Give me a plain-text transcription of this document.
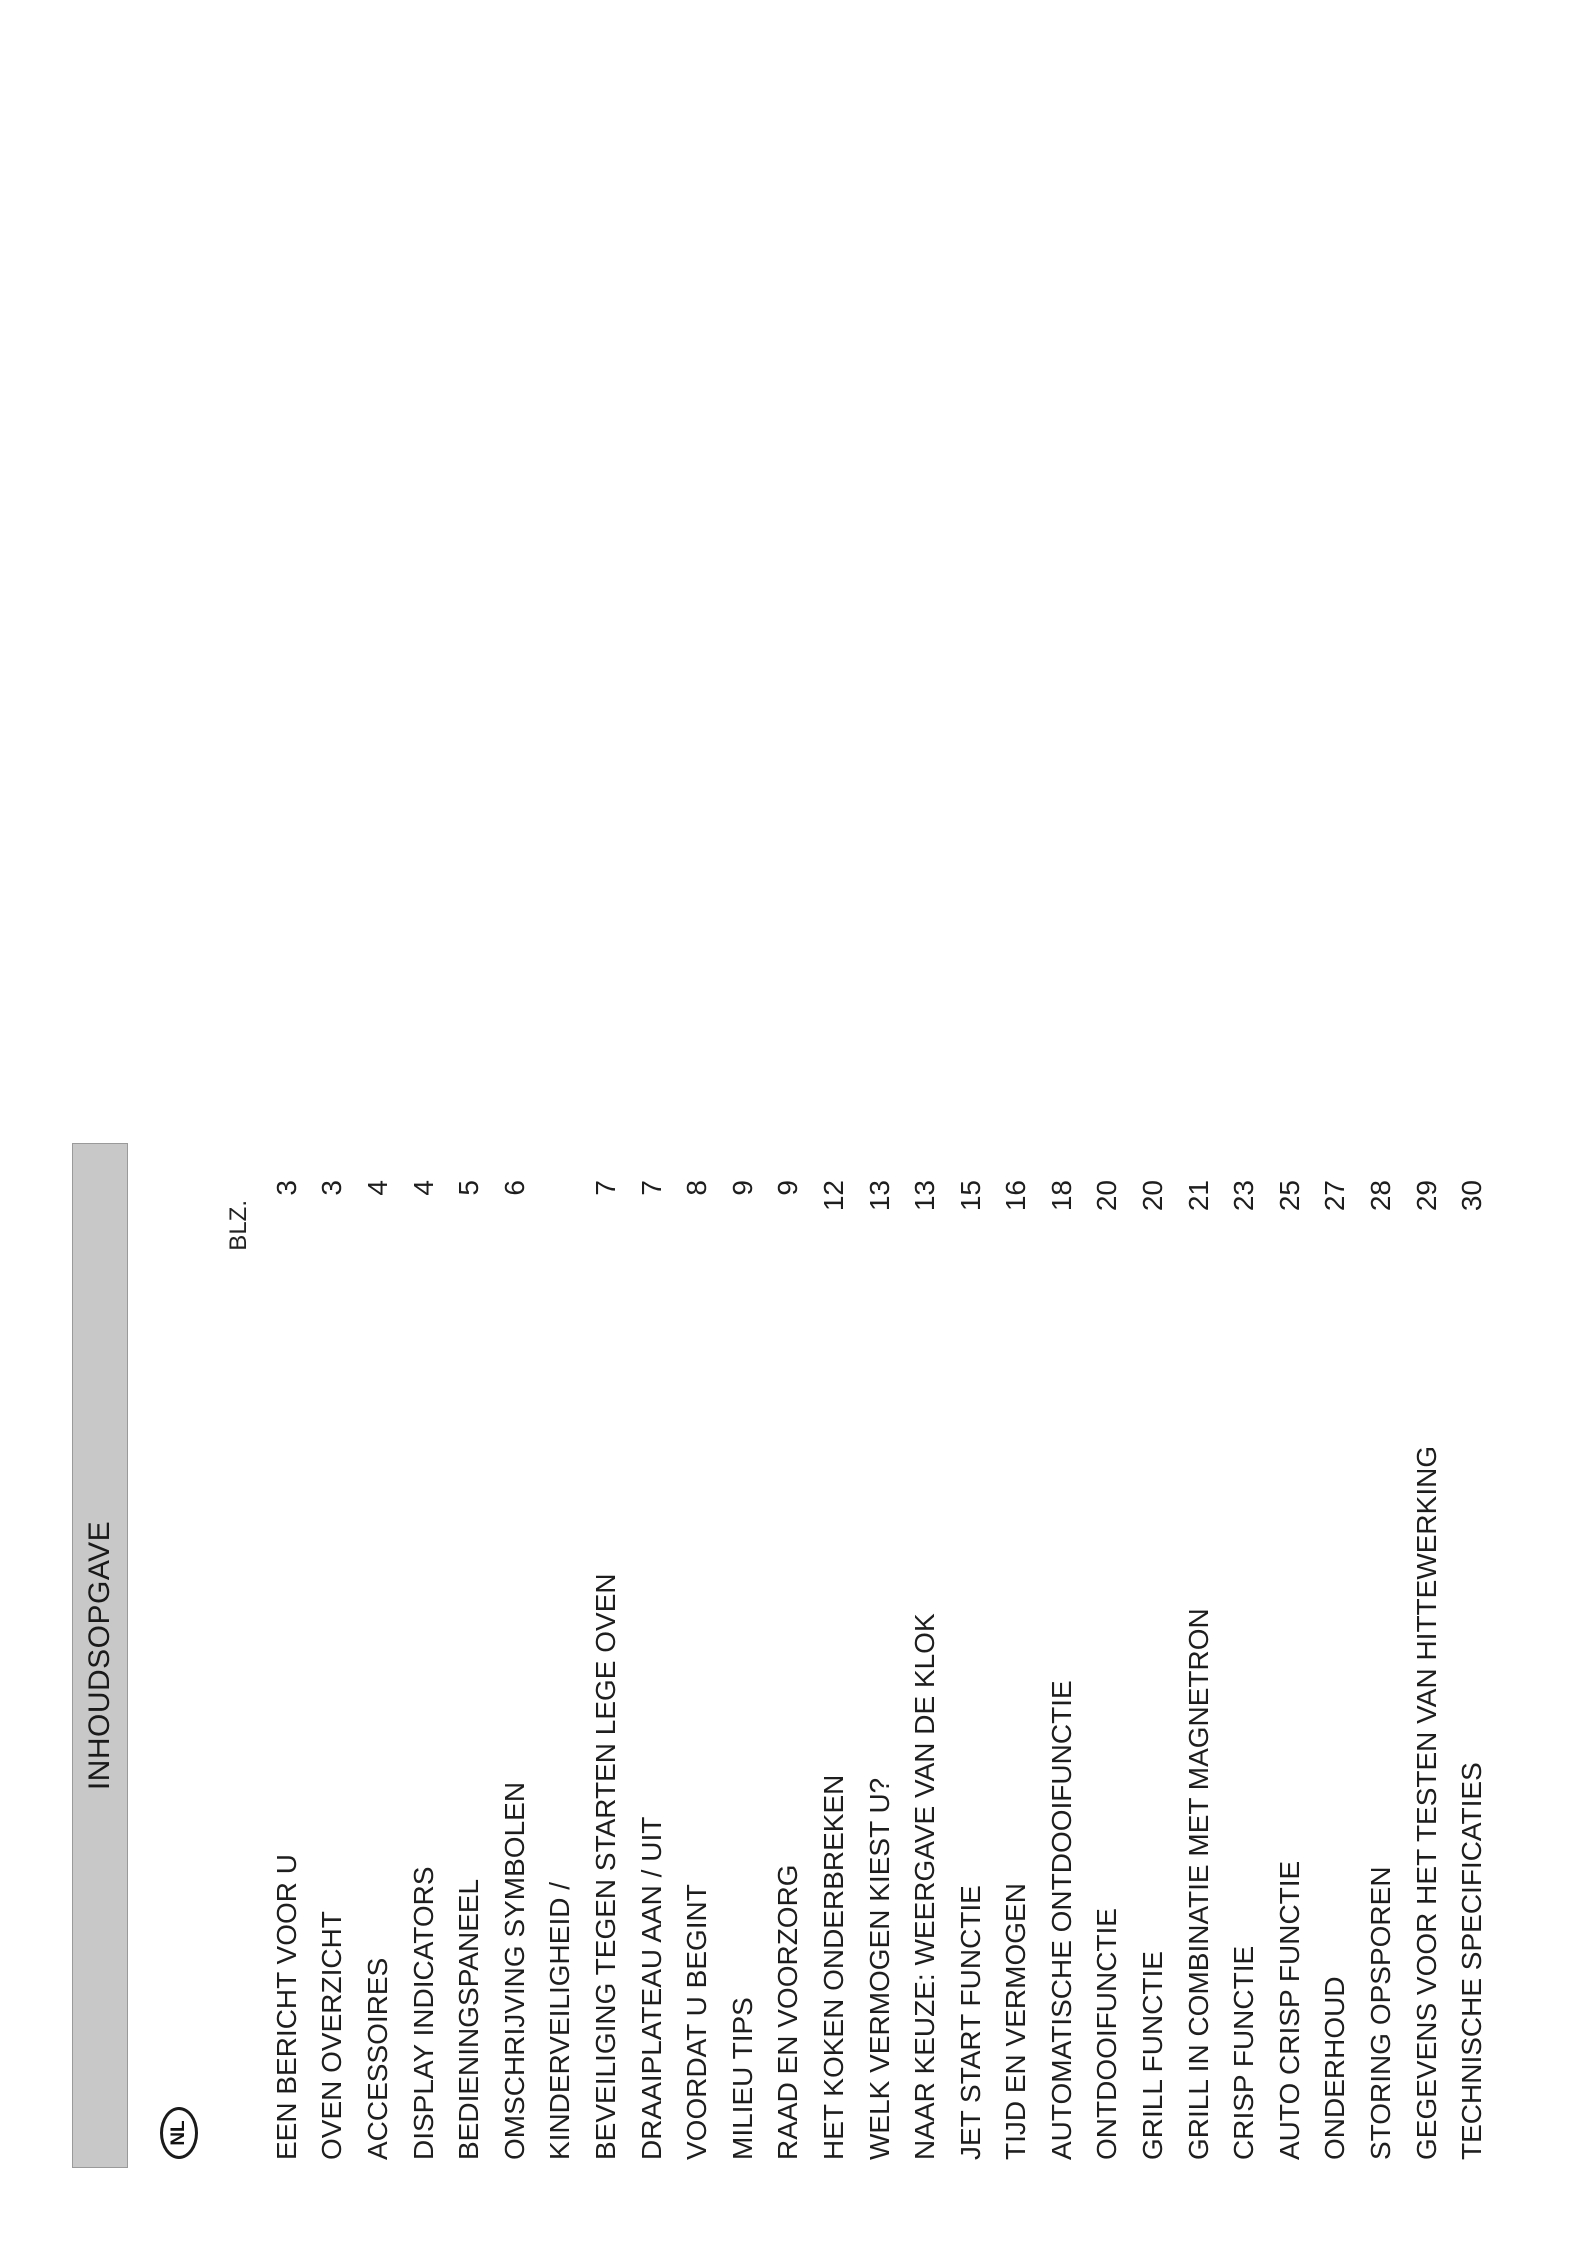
INHOUDSOPGAVE
NL
BLZ.
EEN BERICHT VOOR U
3
OVEN OVERZICHT
3
ACCESSOIRES
4
DISPLAY INDICATORS
4
BEDIENINGSPANEEL
5
OMSCHRIJVING SYMBOLEN
6
KINDERVEILIGHEID / BEVEILIGING TEGEN STARTEN LEGE OVEN
7
DRAAIPLATEAU AAN / UIT
7
VOORDAT U BEGINT
8
MILIEU TIPS
9
RAAD EN VOORZORG
9
HET KOKEN ONDERBREKEN
12
WELK VERMOGEN KIEST U?
13
NAAR KEUZE: WEERGAVE VAN DE KLOK
13
JET START FUNCTIE
15
TIJD EN VERMOGEN
16
AUTOMATISCHE ONTDOOIFUNCTIE
18
ONTDOOIFUNCTIE
20
GRILL FUNCTIE
20
GRILL IN COMBINATIE MET MAGNETRON
21
CRISP FUNCTIE
23
AUTO CRISP FUNCTIE
25
ONDERHOUD
27
STORING OPSPOREN
28
GEGEVENS VOOR HET TESTEN VAN HITTEWERKING
29
TECHNISCHE SPECIFICATIES
30
